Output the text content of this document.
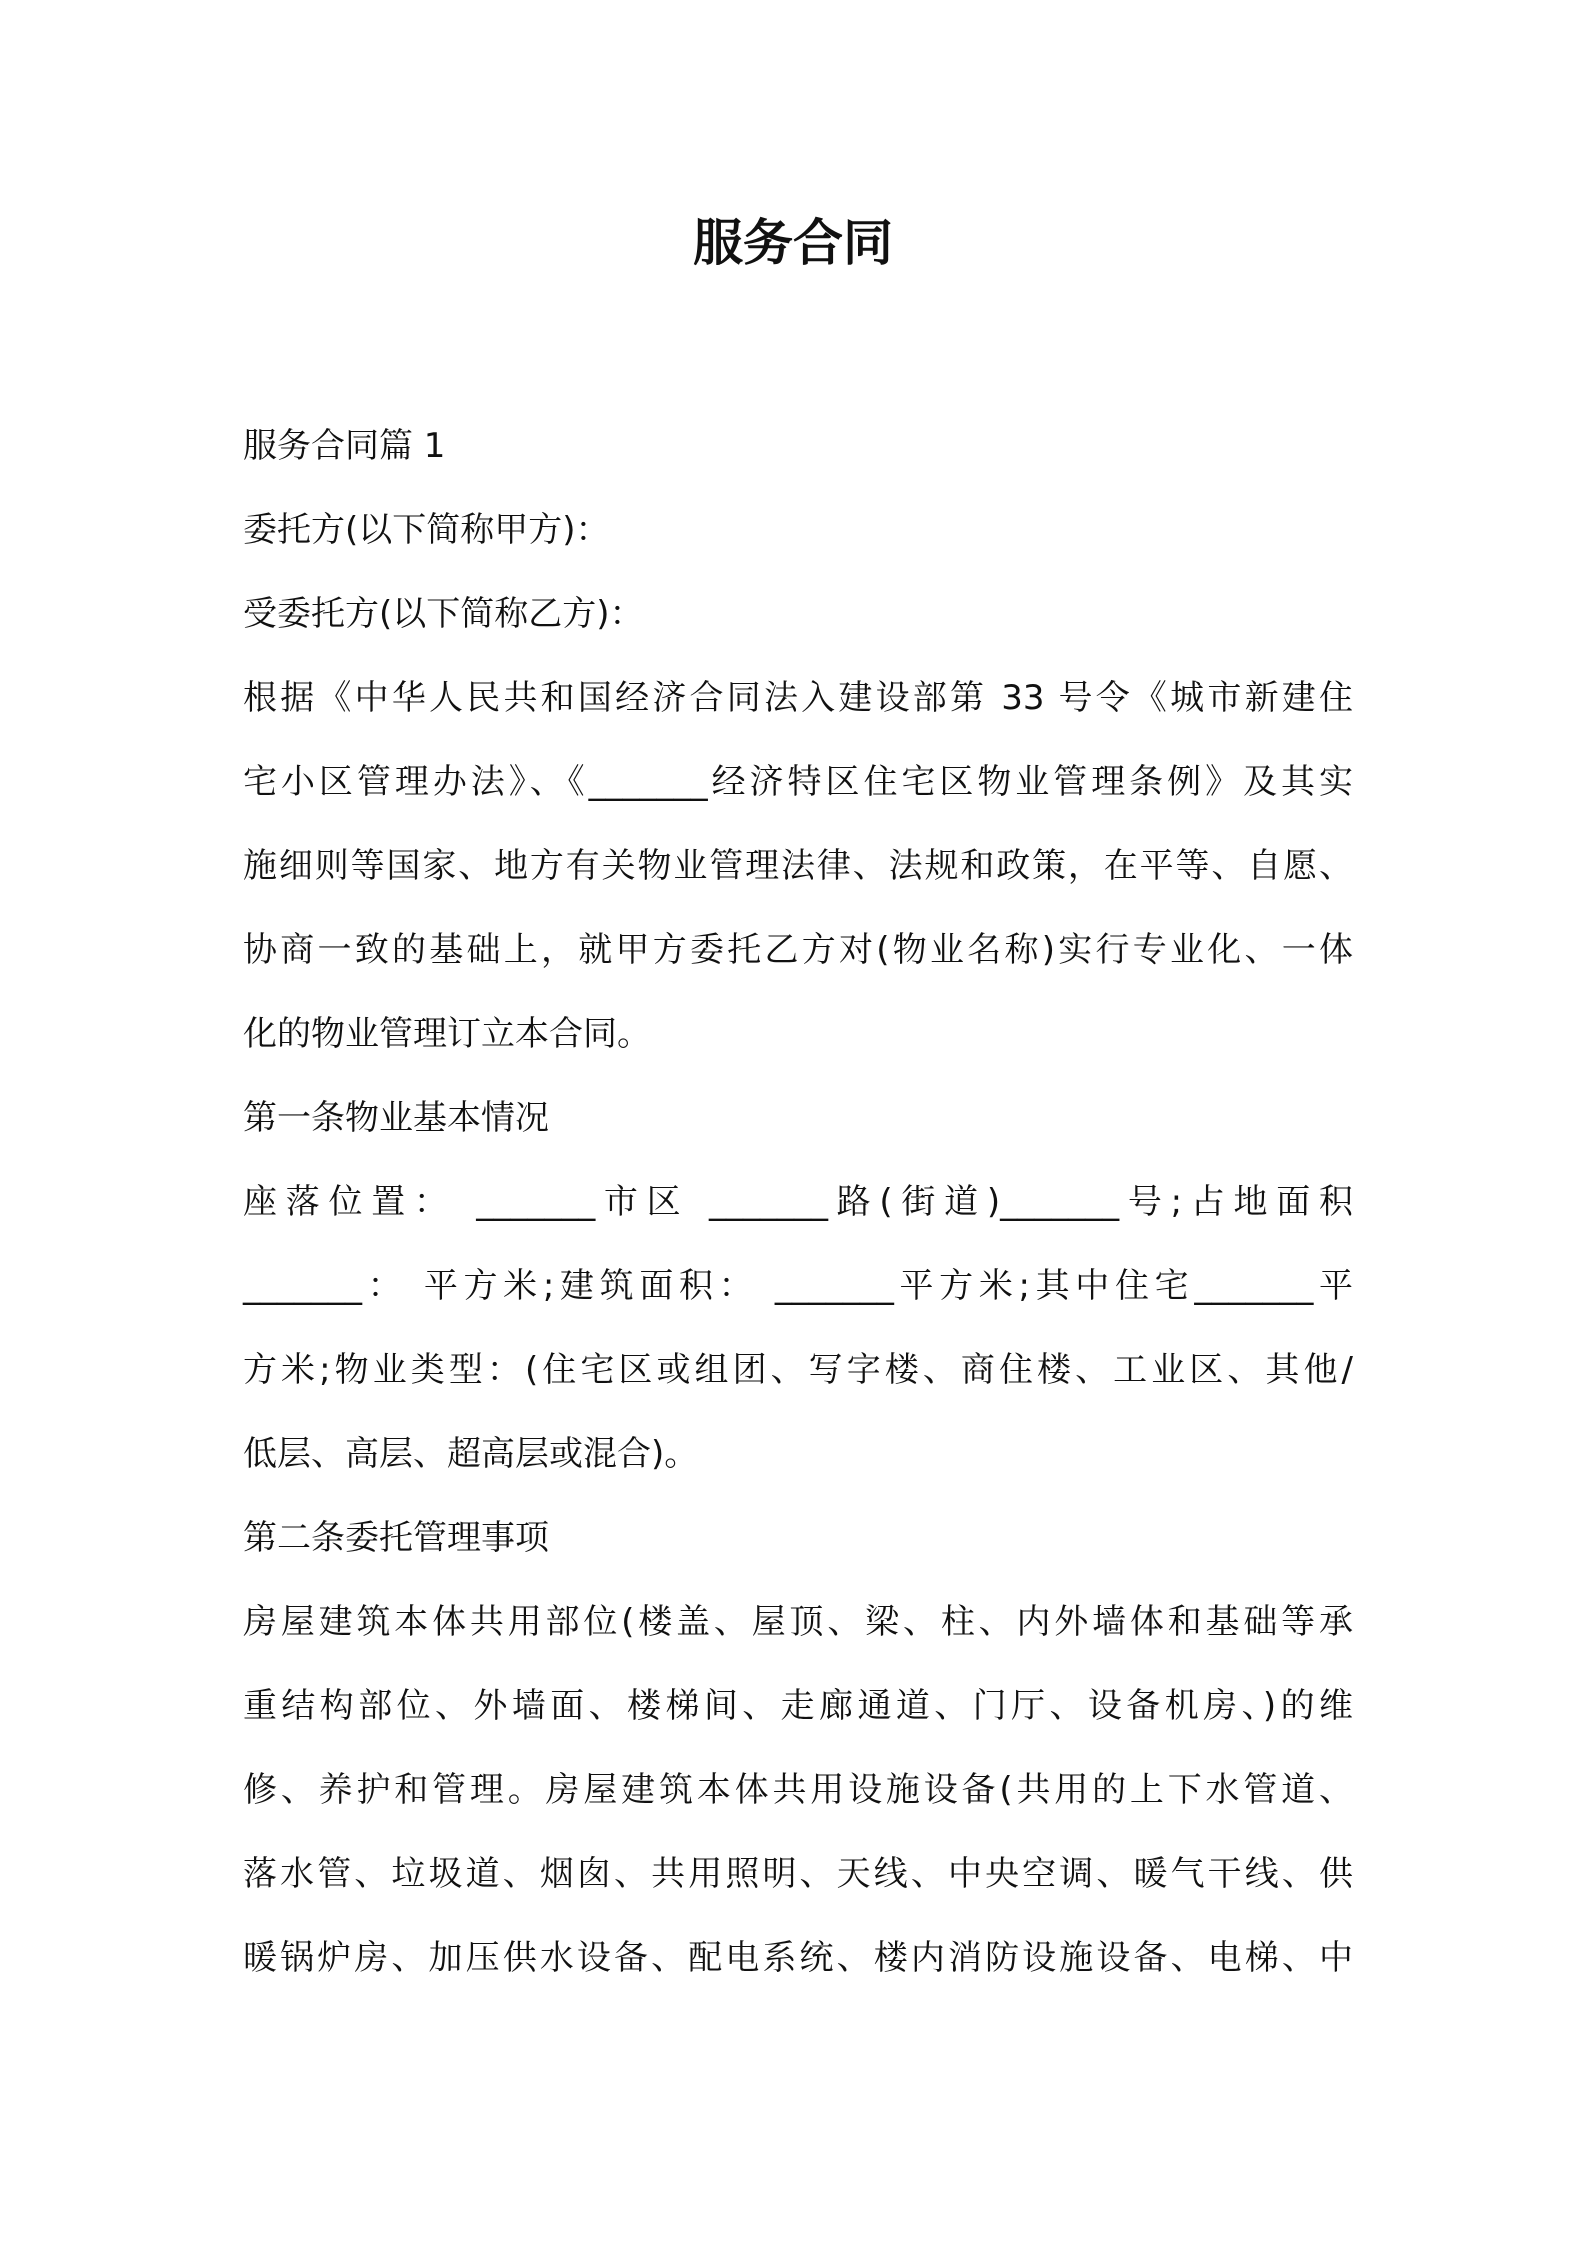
服务合同
服务合同篇 1
委托方(以下简称甲方)：
受委托方(以下简称乙方)：
根据《中华人民共和国经济合同法入建设部第 33 号令《城市新建住
宅小区管理办法》、《_______经济特区住宅区物业管理条例》及其实
施细则等国家、地方有关物业管理法律、法规和政策，在平等、自愿、
协商一致的基础上，就甲方委托乙方对(物业名称)实行专业化、一体
化的物业管理订立本合同。
第一条物业基本情况
座落位置： _______市区 _______路(街道)_______号;占地面积
_______： 平方米;建筑面积： _______平方米;其中住宅_______平
方米;物业类型：(住宅区或组团、写字楼、商住楼、工业区、其他/
低层、高层、超高层或混合)。
第二条委托管理事项
房屋建筑本体共用部位(楼盖、屋顶、梁、柱、内外墙体和基础等承
重结构部位、外墙面、楼梯间、走廊通道、门厅、设备机房、)的维
修、养护和管理。房屋建筑本体共用设施设备(共用的上下水管道、
落水管、垃圾道、烟囱、共用照明、天线、中央空调、暖气干线、供
暖锅炉房、加压供水设备、配电系统、楼内消防设施设备、电梯、中
